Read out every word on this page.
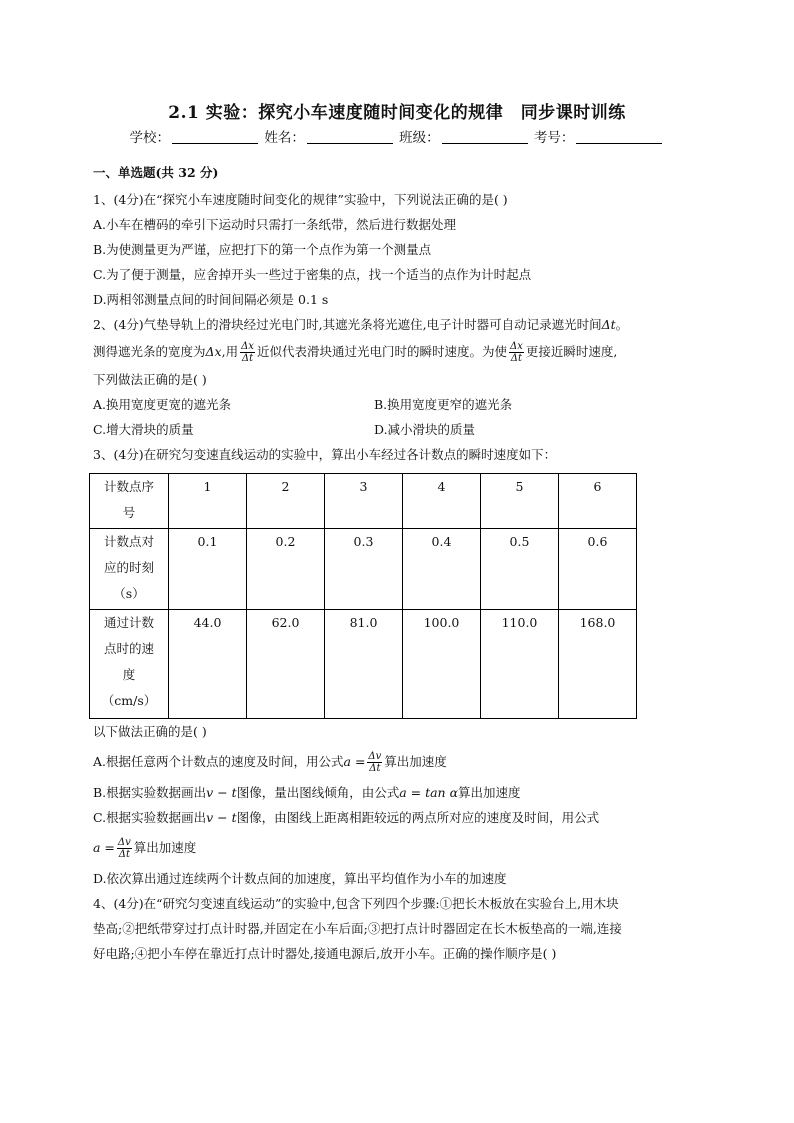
2.1 实验：探究小车速度随时间变化的规律　同步课时训练
学校：	姓名：	班级：	考号：
一、单选题(共 32 分)
1、(4分)在“探究小车速度随时间变化的规律”实验中，下列说法正确的是( )
A.小车在槽码的牵引下运动时只需打一条纸带，然后进行数据处理
B.为使测量更为严谨，应把打下的第一个点作为第一个测量点
C.为了便于测量，应舍掉开头一些过于密集的点，找一个适当的点作为计时起点
D.两相邻测量点间的时间间隔必须是 0.1 s
2、(4分)气垫导轨上的滑块经过光电门时,其遮光条将光遮住,电子计时器可自动记录遮光时间Δt。
测得遮光条的宽度为Δx,用 $\frac{\Delta x}{\Delta t}$ 近似代表滑块通过光电门时的瞬时速度。为使 $\frac{\Delta x}{\Delta t}$ 更接近瞬时速度,
下列做法正确的是( )
A.换用宽度更宽的遮光条	B.换用宽度更窄的遮光条
C.增大滑块的质量	D.减小滑块的质量
3、(4分)在研究匀变速直线运动的实验中，算出小车经过各计数点的瞬时速度如下：
计数点序
号	1	2	3	4	5	6

计数点对
应的时刻
（s）	0.1	0.2	0.3	0.4	0.5	0.6

通过计数
点时的速
度
（cm/s）	44.0	62.0	81.0	100.0	110.0	168.0
以下做法正确的是( )
A.根据任意两个计数点的速度及时间，用公式$a = \frac{\Delta v}{\Delta t}$ 算出加速度
B.根据实验数据画出v − t图像，量出图线倾角，由公式a = tan α算出加速度
C.根据实验数据画出v − t图像，由图线上距离相距较远的两点所对应的速度及时间，用公式
$a = \frac{\Delta v}{\Delta t}$ 算出加速度
D.依次算出通过连续两个计数点间的加速度，算出平均值作为小车的加速度
4、(4分)在“研究匀变速直线运动”的实验中,包含下列四个步骤:①把长木板放在实验台上,用木块
垫高;②把纸带穿过打点计时器,并固定在小车后面;③把打点计时器固定在长木板垫高的一端,连接
好电路;④把小车停在靠近打点计时器处,接通电源后,放开小车。正确的操作顺序是( )
